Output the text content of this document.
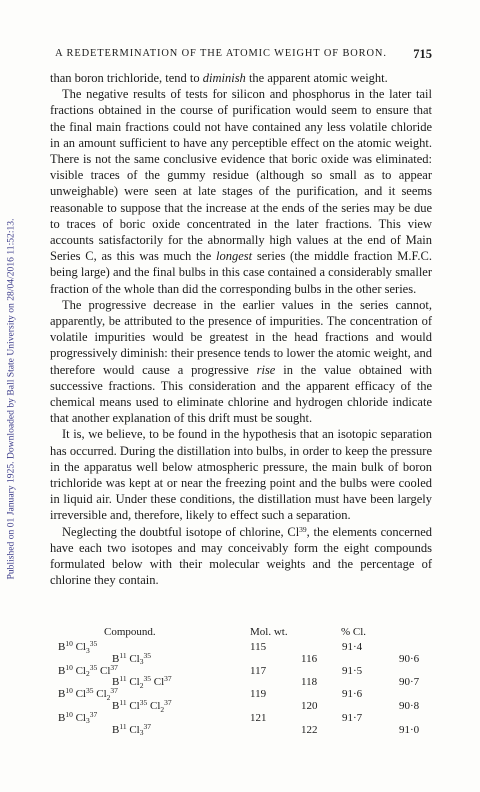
Published on 01 January 1925. Downloaded by Ball State University on 28/04/2016 11:52:13.
A REDETERMINATION OF THE ATOMIC WEIGHT OF BORON.	715

than boron trichloride, tend to diminish the apparent atomic weight.

The negative results of tests for silicon and phosphorus in the later tail fractions obtained in the course of purification would seem to ensure that the final main fractions could not have contained any less volatile chloride in an amount sufficient to have any perceptible effect on the atomic weight. There is not the same conclusive evidence that boric oxide was eliminated: visible traces of the gummy residue (although so small as to appear unweighable) were seen at late stages of the purification, and it seems reasonable to suppose that the increase at the ends of the series may be due to traces of boric oxide concentrated in the later fractions. This view accounts satisfactorily for the abnormally high values at the end of Main Series C, as this was much the longest series (the middle fraction M.F.C. being large) and the final bulbs in this case contained a considerably smaller fraction of the whole than did the corresponding bulbs in the other series.

The progressive decrease in the earlier values in the series cannot, apparently, be attributed to the presence of impurities. The concentration of volatile impurities would be greatest in the head fractions and would progressively diminish: their presence tends to lower the atomic weight, and therefore would cause a progressive rise in the value obtained with successive fractions. This consideration and the apparent efficacy of the chemical means used to eliminate chlorine and hydrogen chloride indicate that another explanation of this drift must be sought.

It is, we believe, to be found in the hypothesis that an isotopic separation has occurred. During the distillation into bulbs, in order to keep the pressure in the apparatus well below atmospheric pressure, the main bulk of boron trichloride was kept at or near the freezing point and the bulbs were cooled in liquid air. Under these conditions, the distillation must have been largely irreversible and, therefore, likely to effect such a separation.

Neglecting the doubtful isotope of chlorine, Cl$^{39}$, the elements concerned have each two isotopes and may conceivably form the eight compounds formulated below with their molecular weights and the percentage of chlorine they contain.

Compound.	Mol. wt.	% Cl.
$B^{10}$ $Cl_3^{35}$	115	91·4
$B^{11}$ $Cl_3^{35}$	116	90·6
$B^{10}$ $Cl_2^{35}$ Cl$^{37}$	117	91·5
$B^{11}$ $Cl_2^{35}$ Cl$^{37}$	118	90·7
$B^{10}$ Cl$^{35}$ $Cl_2^{37}$	119	91·6
$B^{11}$ Cl$^{35}$ $Cl_2^{37}$	120	90·8
$B^{10}$ $Cl_3^{37}$	121	91·7
$B^{11}$ $Cl_3^{37}$	122	91·0
